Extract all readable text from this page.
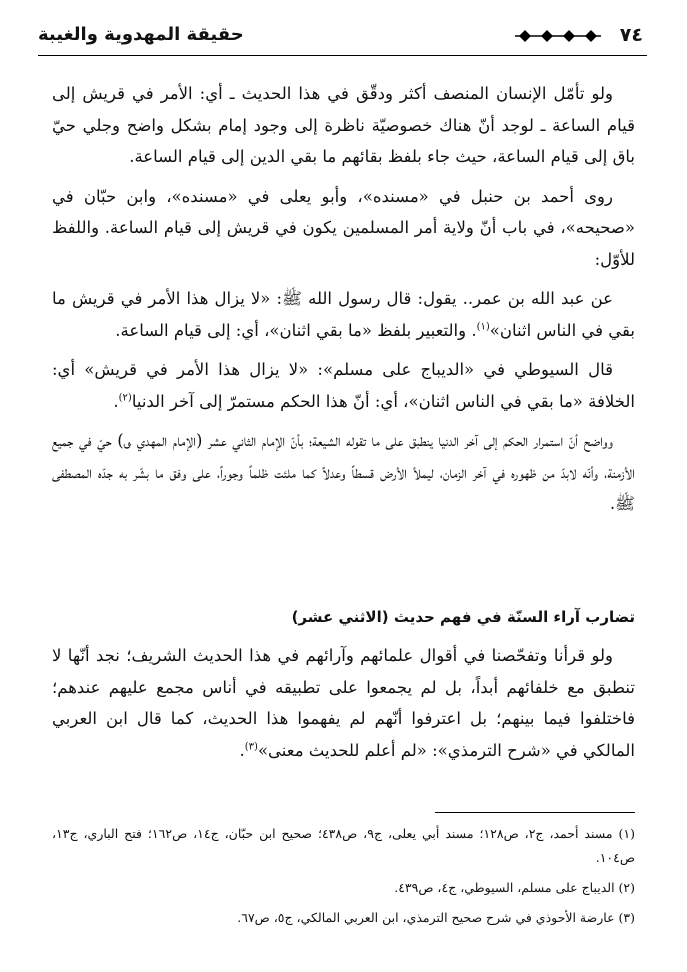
٧٤
حقيقة المهدوية والغيبة

ولو تأمّل الإنسان المنصف أكثر ودقّق في هذا الحديث ـ أي: الأمر في قريش إلى قيام الساعة ـ لوجد أنّ هناك خصوصيّة ناظرة إلى وجود إمام بشكل واضح وجلي حيّ باق إلى قيام الساعة، حيث جاء بلفظ بقائهم ما بقي الدين إلى قيام الساعة.

روى أحمد بن حنبل في «مسنده»، وأبو يعلى في «مسنده»، وابن حبّان في «صحيحه»، في باب أنّ ولاية أمر المسلمين يكون في قريش إلى قيام الساعة. واللفظ للأوّل:

عن عبد الله بن عمر.. يقول: قال رسول الله ﷺ: «لا يزال هذا الأمر في قريش ما بقي في الناس اثنان»$^{(١)}$. والتعبير بلفظ «ما بقي اثنان»، أي: إلى قيام الساعة.

قال السيوطي في «الديباج على مسلم»: «لا يزال هذا الأمر في قريش» أي: الخلافة «ما بقي في الناس اثنان»، أي: أنّ هذا الحكم مستمرّ إلى آخر الدنيا$^{(٢)}$.

وواضح أنّ استمرار الحكم إلى آخر الدنيا ينطبق على ما تقوله الشيعة؛ بأنّ الإمام الثاني عشر (الإمام المهدي ؈) حيّ في جميع الأزمنة، وأنّه لابدّ من ظهوره في آخر الزمان، ليملأ الأرض قسطاً وعدلاً كما ملئت ظلماً وجوراً، على وفق ما بشّر به جدّه المصطفى ﷺ.

تضارب آراء السنّة في فهم حديث (الاثني عشر)

ولو قرأنا وتفحّصنا في أقوال علمائهم وآرائهم في هذا الحديث الشريف؛ نجد أنّها لا تنطبق مع خلفائهم أبداً، بل لم يجمعوا على تطبيقه في أناس مجمع عليهم عندهم؛ فاختلفوا فيما بينهم؛ بل اعترفوا أنّهم لم يفهموا هذا الحديث، كما قال ابن العربي المالكي في «شرح الترمذي»: «لم أعلم للحديث معنى»$^{(٣)}$.

(١) مسند أحمد، ج٢، ص١٢٨؛ مسند أبي يعلى، ج٩، ص٤٣٨؛ صحيح ابن حبّان، ج١٤، ص١٦٢؛ فتح الباري، ج١٣، ص١٠٤.

(٢) الديباج على مسلم، السيوطي، ج٤، ص٤٣٩.

(٣) عارضة الأحوذي في شرح صحيح الترمذي، ابن العربي المالكي، ج٥، ص٦٧.
